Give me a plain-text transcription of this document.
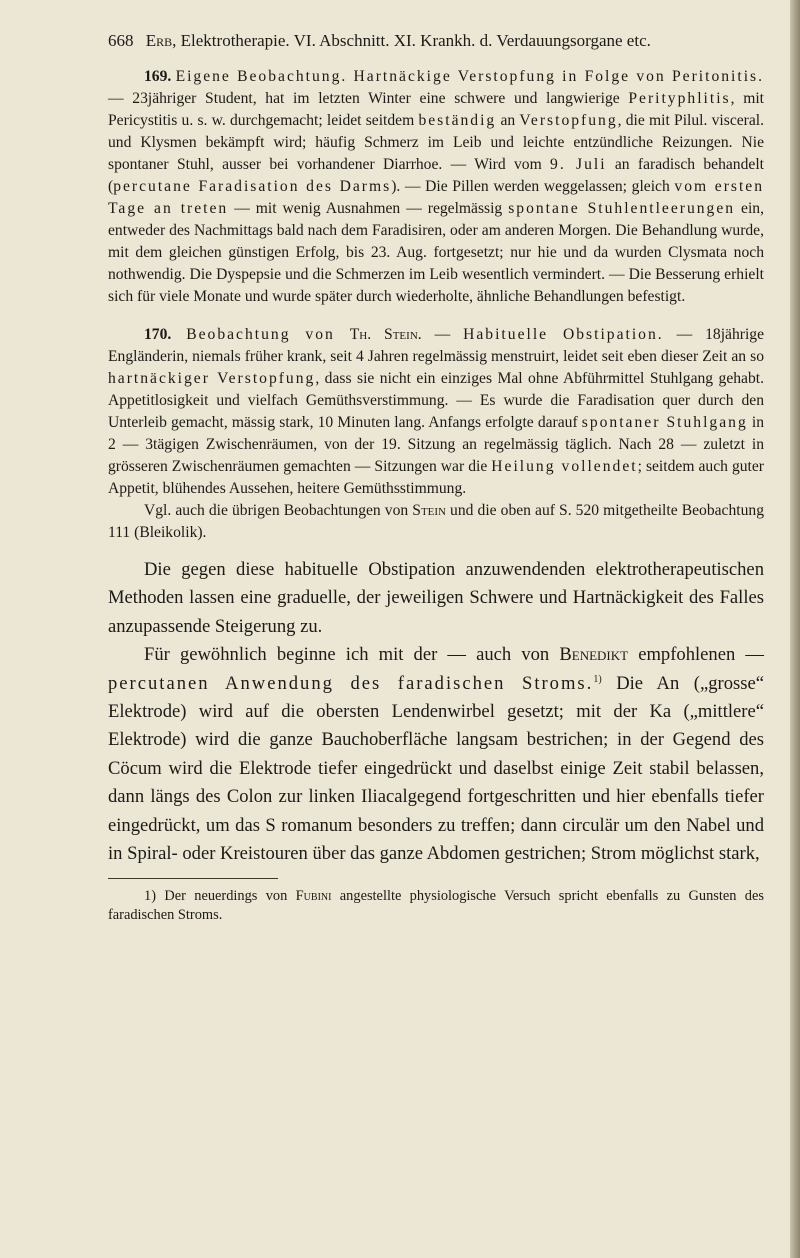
668 Erb, Elektrotherapie. VI. Abschnitt. XI. Krankh. d. Verdauungsorgane etc.

169. Eigene Beobachtung. Hartnäckige Verstopfung in Folge von Peritonitis. — 23jähriger Student, hat im letzten Winter eine schwere und langwierige Perityphlitis, mit Pericystitis u. s. w. durchgemacht; leidet seitdem beständig an Verstopfung, die mit Pilul. visceral. und Klysmen bekämpft wird; häufig Schmerz im Leib und leichte entzündliche Reizungen. Nie spontaner Stuhl, ausser bei vorhandener Diarrhoe. — Wird vom 9. Juli an faradisch behandelt (percutane Faradisation des Darms). — Die Pillen werden weggelassen; gleich vom ersten Tage an treten — mit wenig Ausnahmen — regelmässig spontane Stuhlentleerungen ein, entweder des Nachmittags bald nach dem Faradisiren, oder am anderen Morgen. Die Behandlung wurde, mit dem gleichen günstigen Erfolg, bis 23. Aug. fortgesetzt; nur hie und da wurden Clysmata noch nothwendig. Die Dyspepsie und die Schmerzen im Leib wesentlich vermindert. — Die Besserung erhielt sich für viele Monate und wurde später durch wiederholte, ähnliche Behandlungen befestigt.

170. Beobachtung von Th. Stein. — Habituelle Obstipation. — 18jährige Engländerin, niemals früher krank, seit 4 Jahren regelmässig menstruirt, leidet seit eben dieser Zeit an so hartnäckiger Verstopfung, dass sie nicht ein einziges Mal ohne Abführmittel Stuhlgang gehabt. Appetitlosigkeit und vielfach Gemüthsverstimmung. — Es wurde die Faradisation quer durch den Unterleib gemacht, mässig stark, 10 Minuten lang. Anfangs erfolgte darauf spontaner Stuhlgang in 2 — 3tägigen Zwischenräumen, von der 19. Sitzung an regelmässig täglich. Nach 28 — zuletzt in grösseren Zwischenräumen gemachten — Sitzungen war die Heilung vollendet; seitdem auch guter Appetit, blühendes Aussehen, heitere Gemüthsstimmung.

Vgl. auch die übrigen Beobachtungen von Stein und die oben auf S. 520 mitgetheilte Beobachtung 111 (Bleikolik).

Die gegen diese habituelle Obstipation anzuwendenden elektrotherapeutischen Methoden lassen eine graduelle, der jeweiligen Schwere und Hartnäckigkeit des Falles anzupassende Steigerung zu.

Für gewöhnlich beginne ich mit der — auch von Benedikt empfohlenen — percutanen Anwendung des faradischen Stroms.$^{1)}$ Die An („grosse“ Elektrode) wird auf die obersten Lendenwirbel gesetzt; mit der Ka („mittlere“ Elektrode) wird die ganze Bauchoberfläche langsam bestrichen; in der Gegend des Cöcum wird die Elektrode tiefer eingedrückt und daselbst einige Zeit stabil belassen, dann längs des Colon zur linken Iliacalgegend fortgeschritten und hier ebenfalls tiefer eingedrückt, um das S romanum besonders zu treffen; dann circulär um den Nabel und in Spiral- oder Kreistouren über das ganze Abdomen gestrichen; Strom möglichst stark,

1) Der neuerdings von Fubini angestellte physiologische Versuch spricht ebenfalls zu Gunsten des faradischen Stroms.
